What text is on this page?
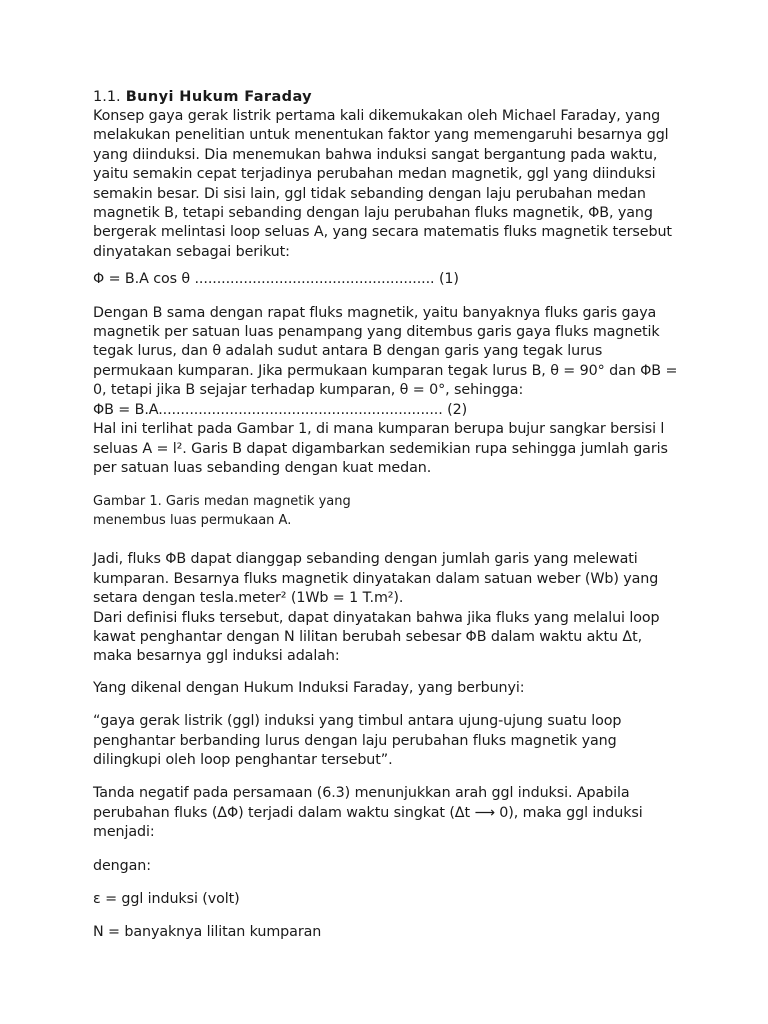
1.1. Bunyi Hukum Faraday

Konsep gaya gerak listrik pertama kali dikemukakan oleh Michael Faraday, yang melakukan penelitian untuk menentukan faktor yang memengaruhi besarnya ggl yang diinduksi. Dia menemukan bahwa induksi sangat bergantung pada waktu, yaitu semakin cepat terjadinya perubahan medan magnetik, ggl yang diinduksi semakin besar. Di sisi lain, ggl tidak sebanding dengan laju perubahan medan magnetik B, tetapi sebanding dengan laju perubahan fluks magnetik, ΦB, yang bergerak melintasi loop seluas A, yang secara matematis fluks magnetik tersebut dinyatakan sebagai berikut:

Φ = B.A cos θ ...................................................... (1)

Dengan B sama dengan rapat fluks magnetik, yaitu banyaknya fluks garis gaya magnetik per satuan luas penampang yang ditembus garis gaya fluks magnetik tegak lurus, dan θ adalah sudut antara B dengan garis yang tegak lurus permukaan kumparan. Jika permukaan kumparan tegak lurus B, θ = 90° dan ΦB = 0, tetapi jika B sejajar terhadap kumparan, θ = 0°, sehingga:

ΦB = B.A................................................................ (2)

Hal ini terlihat pada Gambar 1, di mana kumparan berupa bujur sangkar bersisi l seluas A = l². Garis B dapat digambarkan sedemikian rupa sehingga jumlah garis per satuan luas sebanding dengan kuat medan.

Gambar 1. Garis medan magnetik yang
menembus luas permukaan A.

Jadi, fluks ΦB dapat dianggap sebanding dengan jumlah garis yang melewati kumparan. Besarnya fluks magnetik dinyatakan dalam satuan weber (Wb) yang setara dengan tesla.meter² (1Wb = 1 T.m²).

Dari definisi fluks tersebut, dapat dinyatakan bahwa jika fluks yang melalui loop kawat penghantar dengan N lilitan berubah sebesar ΦB dalam waktu aktu Δt, maka besarnya ggl induksi adalah:

Yang dikenal dengan Hukum Induksi Faraday, yang berbunyi:

“gaya gerak listrik (ggl) induksi yang timbul antara ujung-ujung suatu loop penghantar berbanding lurus dengan laju perubahan fluks magnetik yang dilingkupi oleh loop penghantar tersebut”.

Tanda negatif pada persamaan (6.3) menunjukkan arah ggl induksi. Apabila perubahan fluks (ΔΦ) terjadi dalam waktu singkat (Δt ⟶ 0), maka ggl induksi menjadi:

dengan:

ε = ggl induksi (volt)

N = banyaknya lilitan kumparan
